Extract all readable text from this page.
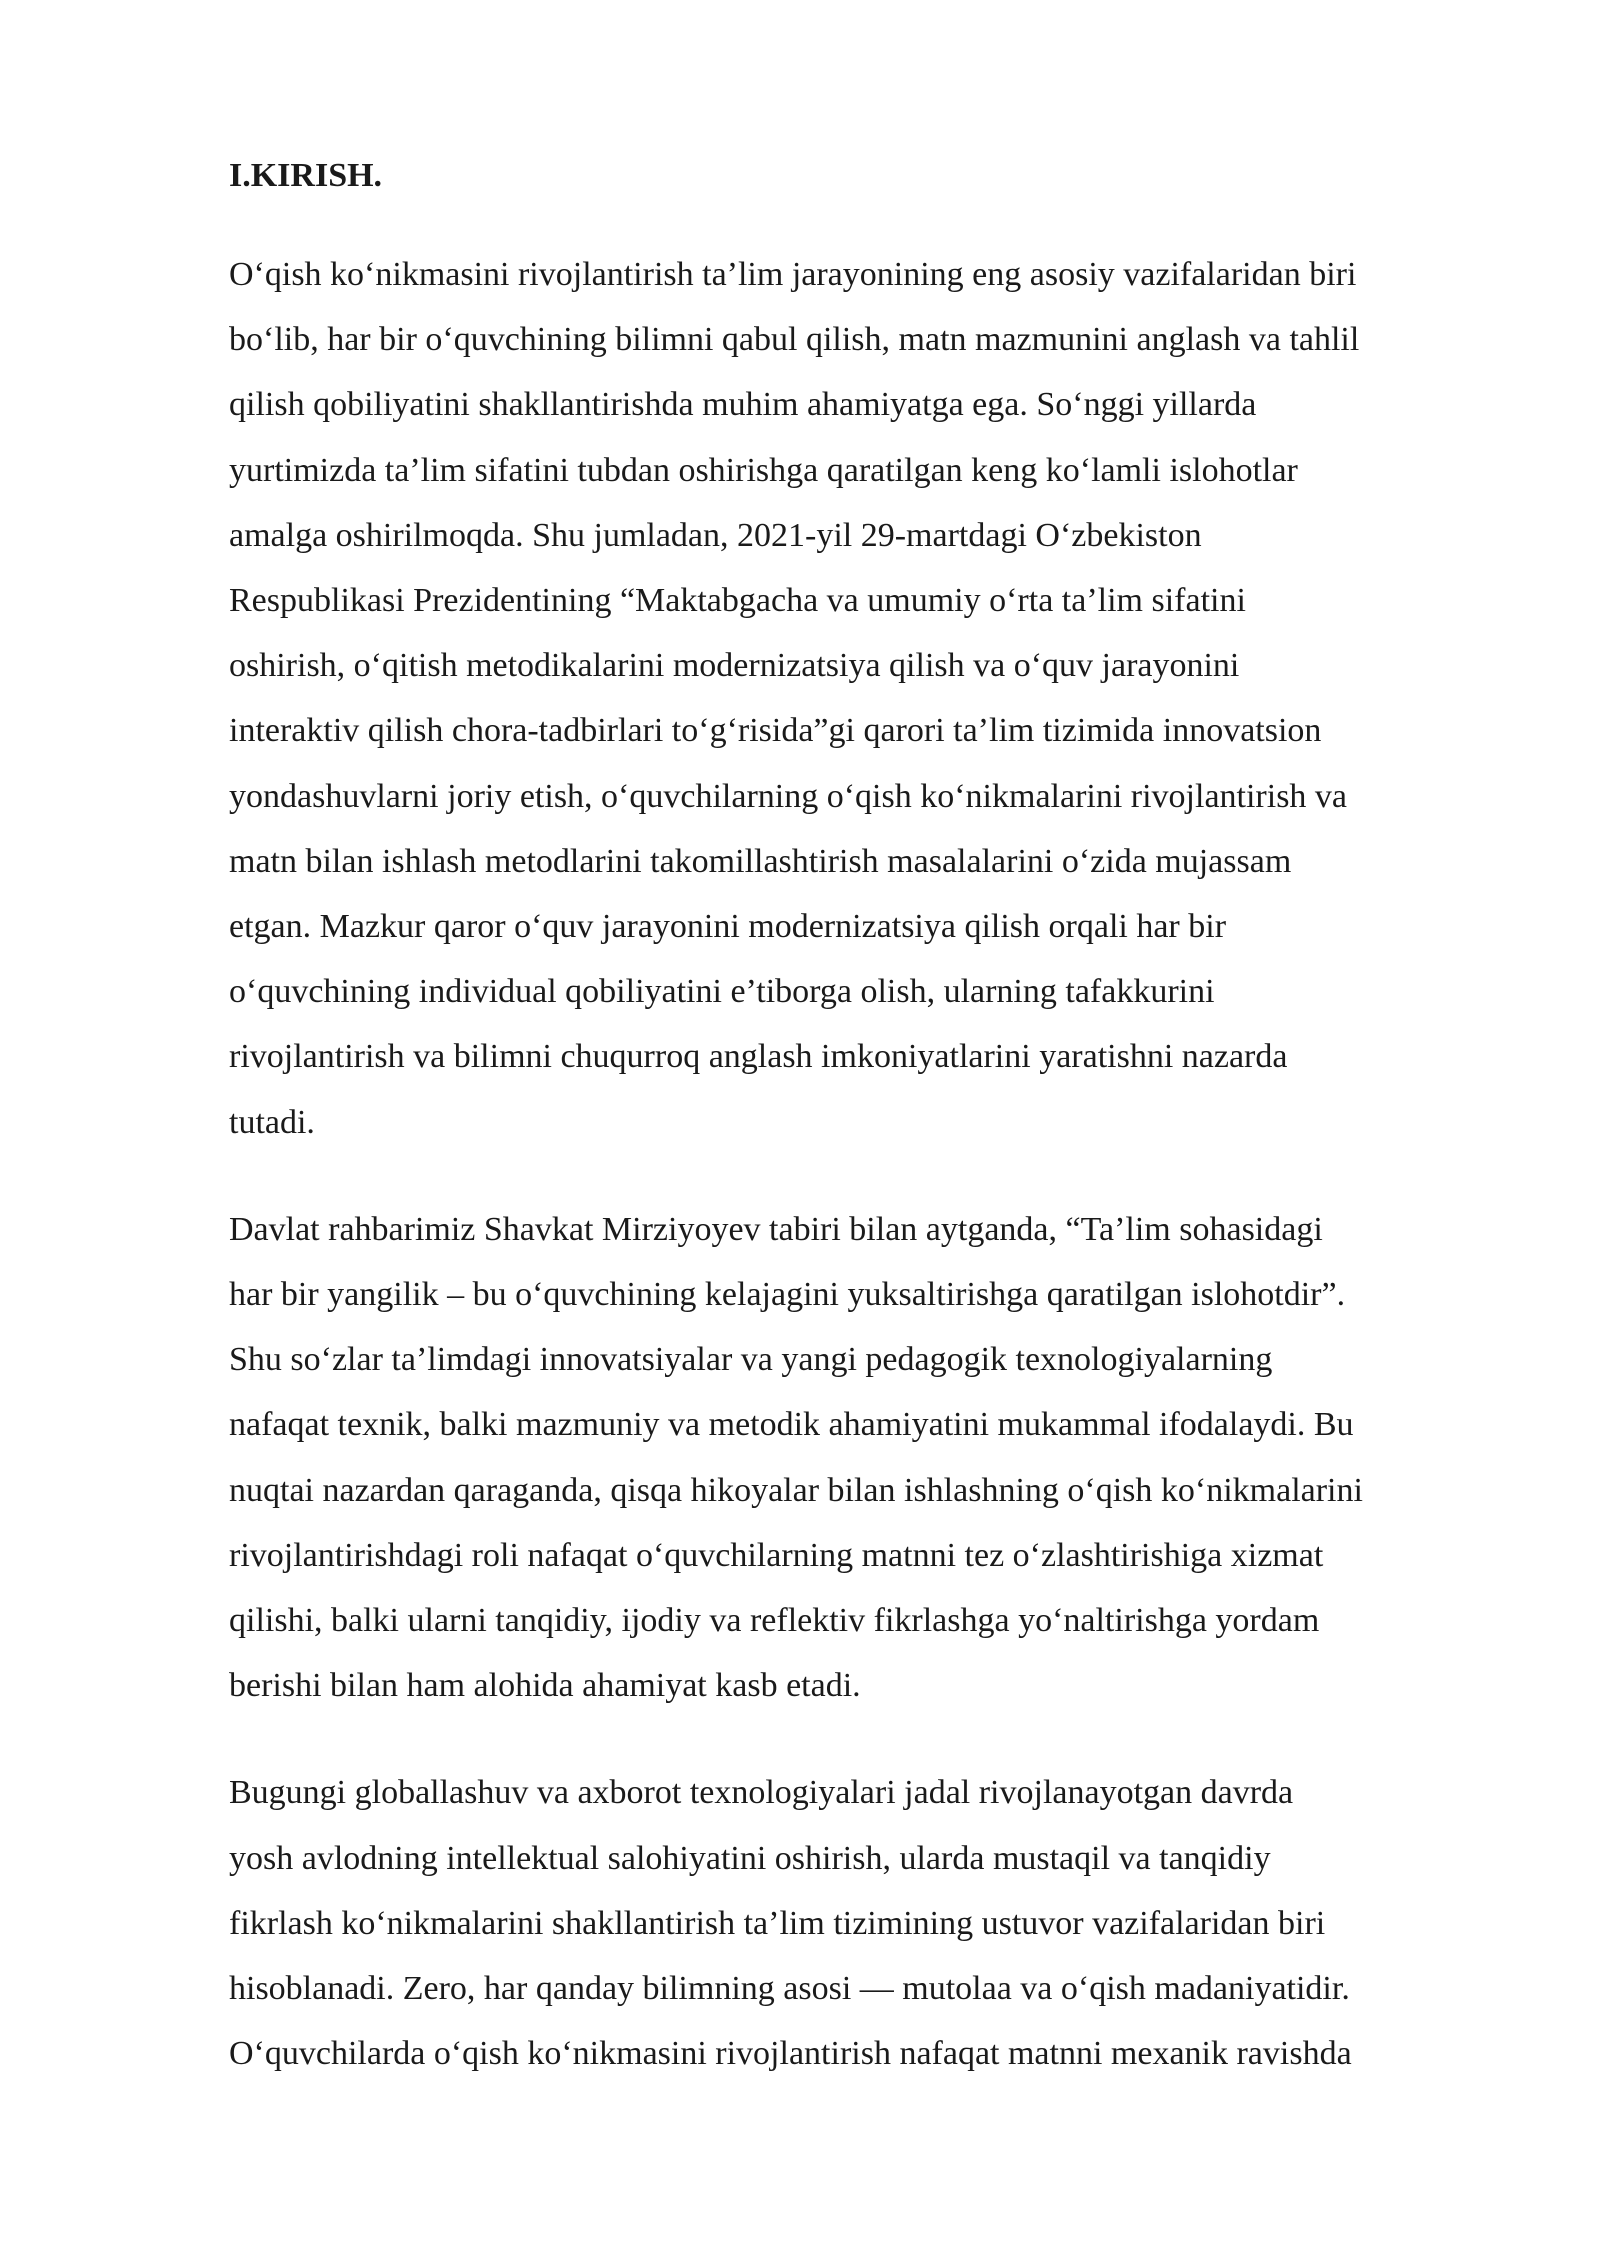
I.KIRISH.
O‘qish ko‘nikmasini rivojlantirish ta’lim jarayonining eng asosiy vazifalaridan biri
bo‘lib, har bir o‘quvchining bilimni qabul qilish, matn mazmunini anglash va tahlil
qilish qobiliyatini shakllantirishda muhim ahamiyatga ega. So‘nggi yillarda
yurtimizda ta’lim sifatini tubdan oshirishga qaratilgan keng ko‘lamli islohotlar
amalga oshirilmoqda. Shu jumladan, 2021-yil 29-martdagi O‘zbekiston
Respublikasi Prezidentining “Maktabgacha va umumiy o‘rta ta’lim sifatini
oshirish, o‘qitish metodikalarini modernizatsiya qilish va o‘quv jarayonini
interaktiv qilish chora-tadbirlari to‘g‘risida”gi qarori ta’lim tizimida innovatsion
yondashuvlarni joriy etish, o‘quvchilarning o‘qish ko‘nikmalarini rivojlantirish va
matn bilan ishlash metodlarini takomillashtirish masalalarini o‘zida mujassam
etgan. Mazkur qaror o‘quv jarayonini modernizatsiya qilish orqali har bir
o‘quvchining individual qobiliyatini e’tiborga olish, ularning tafakkurini
rivojlantirish va bilimni chuqurroq anglash imkoniyatlarini yaratishni nazarda
tutadi.
Davlat rahbarimiz Shavkat Mirziyoyev tabiri bilan aytganda, “Ta’lim sohasidagi
har bir yangilik – bu o‘quvchining kelajagini yuksaltirishga qaratilgan islohotdir”.
Shu so‘zlar ta’limdagi innovatsiyalar va yangi pedagogik texnologiyalarning
nafaqat texnik, balki mazmuniy va metodik ahamiyatini mukammal ifodalaydi. Bu
nuqtai nazardan qaraganda, qisqa hikoyalar bilan ishlashning o‘qish ko‘nikmalarini
rivojlantirishdagi roli nafaqat o‘quvchilarning matnni tez o‘zlashtirishiga xizmat
qilishi, balki ularni tanqidiy, ijodiy va reflektiv fikrlashga yo‘naltirishga yordam
berishi bilan ham alohida ahamiyat kasb etadi.
Bugungi globallashuv va axborot texnologiyalari jadal rivojlanayotgan davrda
yosh avlodning intellektual salohiyatini oshirish, ularda mustaqil va tanqidiy
fikrlash ko‘nikmalarini shakllantirish ta’lim tizimining ustuvor vazifalaridan biri
hisoblanadi. Zero, har qanday bilimning asosi — mutolaa va o‘qish madaniyatidir.
O‘quvchilarda o‘qish ko‘nikmasini rivojlantirish nafaqat matnni mexanik ravishda
